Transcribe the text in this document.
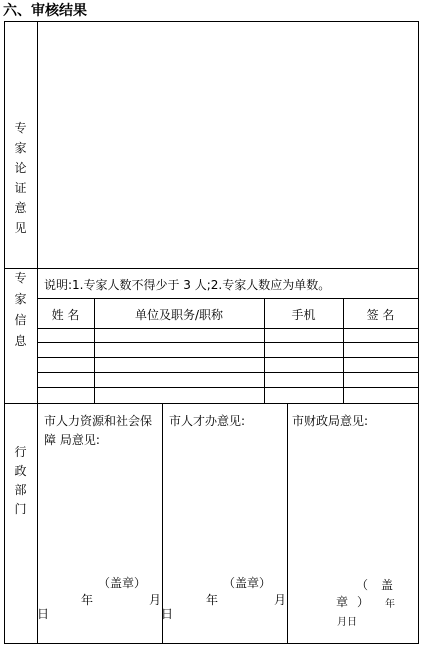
六、审核结果
专
家
论
证
意
见
专
家
信
息
说明:1.专家人数不得少于 3 人;2.专家人数应为单数。
姓 名	单位及职务/职称	手机	签 名
行
政
部
门
市人力资源和社会保
障 局意见:
（盖章）
年	月
日
市人才办意见:
（盖章）
年	月
日
市财政局意见:
（ 盖
章 ） 年
月日
